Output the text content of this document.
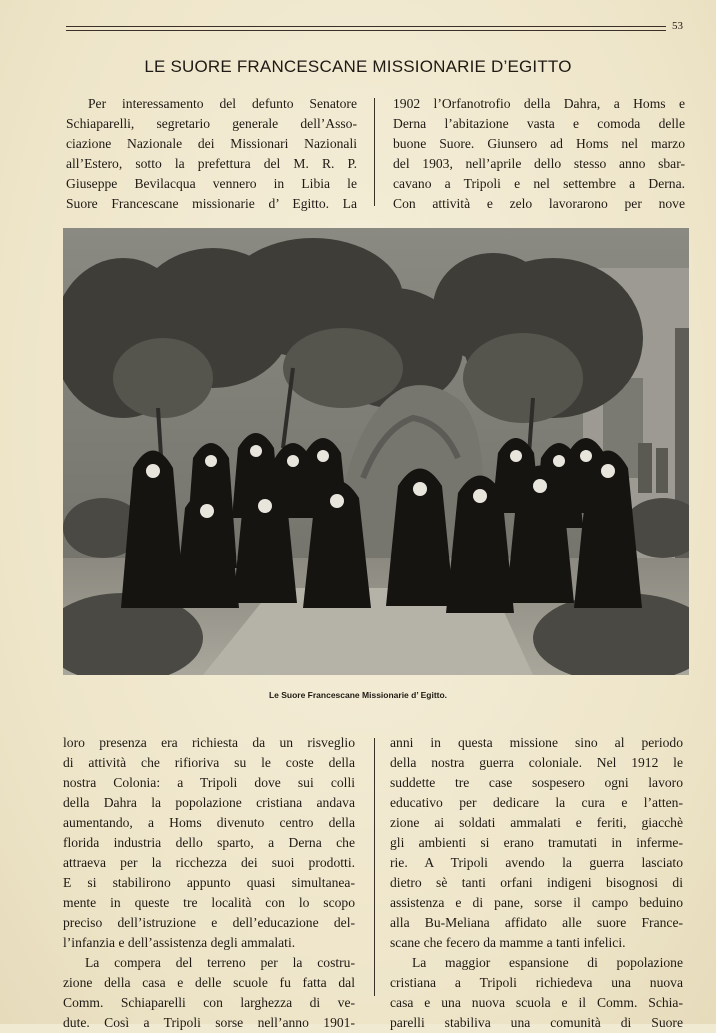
53
LE SUORE FRANCESCANE MISSIONARIE D’EGITTO
Per interessamento del defunto Senatore
Schiaparelli, segretario generale dell’Asso-
ciazione Nazionale dei Missionari Nazionali
all’Estero, sotto la prefettura del M. R. P.
Giuseppe Bevilacqua vennero in Libia le
Suore Francescane missionarie d’ Egitto. La
1902 l’Orfanotrofio della Dahra, a Homs e
Derna l’abitazione vasta e comoda delle
buone Suore. Giunsero ad Homs nel marzo
del 1903, nell’aprile dello stesso anno sbar-
cavano a Tripoli e nel settembre a Derna.
Con attività e zelo lavorarono per nove
Le Suore Francescane Missionarie d’ Egitto.
loro presenza era richiesta da un risveglio
di attività che rifioriva su le coste della
nostra Colonia: a Tripoli dove sui colli
della Dahra la popolazione cristiana andava
aumentando, a Homs divenuto centro della
florida industria dello sparto, a Derna che
attraeva per la ricchezza dei suoi prodotti.
E si stabilirono appunto quasi simultanea-
mente in queste tre località con lo scopo
preciso dell’istruzione e dell’educazione del-
l’infanzia e dell’assistenza degli ammalati.
La compera del terreno per la costru-
zione della casa e delle scuole fu fatta dal
Comm. Schiaparelli con larghezza di ve-
dute. Così a Tripoli sorse nell’anno 1901-
anni in questa missione sino al periodo
della nostra guerra coloniale. Nel 1912 le
suddette tre case sospesero ogni lavoro
educativo per dedicare la cura e l’atten-
zione ai soldati ammalati e feriti, giacchè
gli ambienti si erano tramutati in infermе-
rie. A Tripoli avendo la guerra lasciato
dietro sè tanti orfani indigeni bisognosi di
assistenza e di pane, sorse il campo beduino
alla Bu-Meliana affidato alle suore France-
scane che fecero da mamme a tanti infelici.
La maggior espansione di popolazione
cristiana a Tripoli richiedeva una nuova
casa e una nuova scuola e il Comm. Schia-
parelli stabiliva una comunità di Suore
